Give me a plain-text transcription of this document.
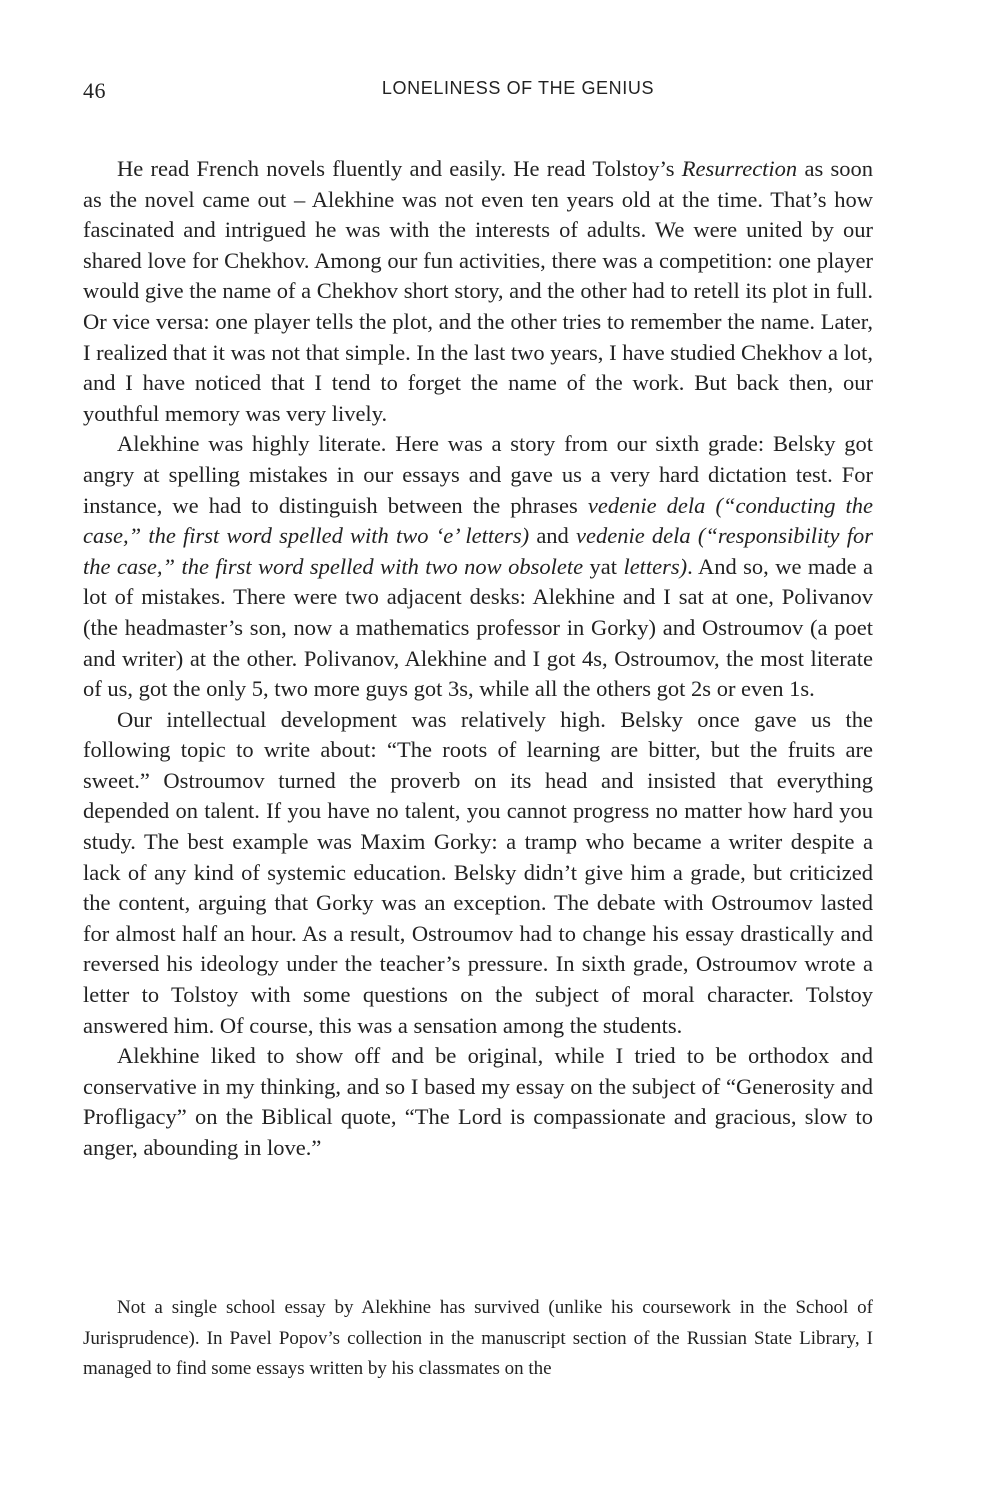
46	LONELINESS OF THE GENIUS

He read French novels fluently and easily. He read Tolstoy’s Resurrection as soon as the novel came out – Alekhine was not even ten years old at the time. That’s how fascinated and intrigued he was with the interests of adults. We were united by our shared love for Chekhov. Among our fun activities, there was a competition: one player would give the name of a Chekhov short story, and the other had to retell its plot in full. Or vice versa: one player tells the plot, and the other tries to remember the name. Later, I realized that it was not that simple. In the last two years, I have studied Chekhov a lot, and I have noticed that I tend to forget the name of the work. But back then, our youthful memory was very lively.

Alekhine was highly literate. Here was a story from our sixth grade: Belsky got angry at spelling mistakes in our essays and gave us a very hard dictation test. For instance, we had to distinguish between the phrases vedenie dela (“conducting the case,” the first word spelled with two ‘e’ letters) and vedenie dela (“responsibility for the case,” the first word spelled with two now obsolete yat letters). And so, we made a lot of mistakes. There were two adjacent desks: Alekhine and I sat at one, Polivanov (the headmaster’s son, now a mathematics professor in Gorky) and Ostroumov (a poet and writer) at the other. Polivanov, Alekhine and I got 4s, Ostroumov, the most literate of us, got the only 5, two more guys got 3s, while all the others got 2s or even 1s.

Our intellectual development was relatively high. Belsky once gave us the following topic to write about: “The roots of learning are bitter, but the fruits are sweet.” Ostroumov turned the proverb on its head and insisted that everything depended on talent. If you have no talent, you cannot progress no matter how hard you study. The best example was Maxim Gorky: a tramp who became a writer despite a lack of any kind of systemic education. Belsky didn’t give him a grade, but criticized the content, arguing that Gorky was an exception. The debate with Ostroumov lasted for almost half an hour. As a result, Ostroumov had to change his essay drastically and reversed his ideology under the teacher’s pressure. In sixth grade, Ostroumov wrote a letter to Tolstoy with some questions on the subject of moral character. Tolstoy answered him. Of course, this was a sensation among the students.

Alekhine liked to show off and be original, while I tried to be orthodox and conservative in my thinking, and so I based my essay on the subject of “Generosity and Profligacy” on the Biblical quote, “The Lord is compassionate and gracious, slow to anger, abounding in love.”

Not a single school essay by Alekhine has survived (unlike his coursework in the School of Jurisprudence). In Pavel Popov’s collection in the manuscript section of the Russian State Library, I managed to find some essays written by his classmates on the
